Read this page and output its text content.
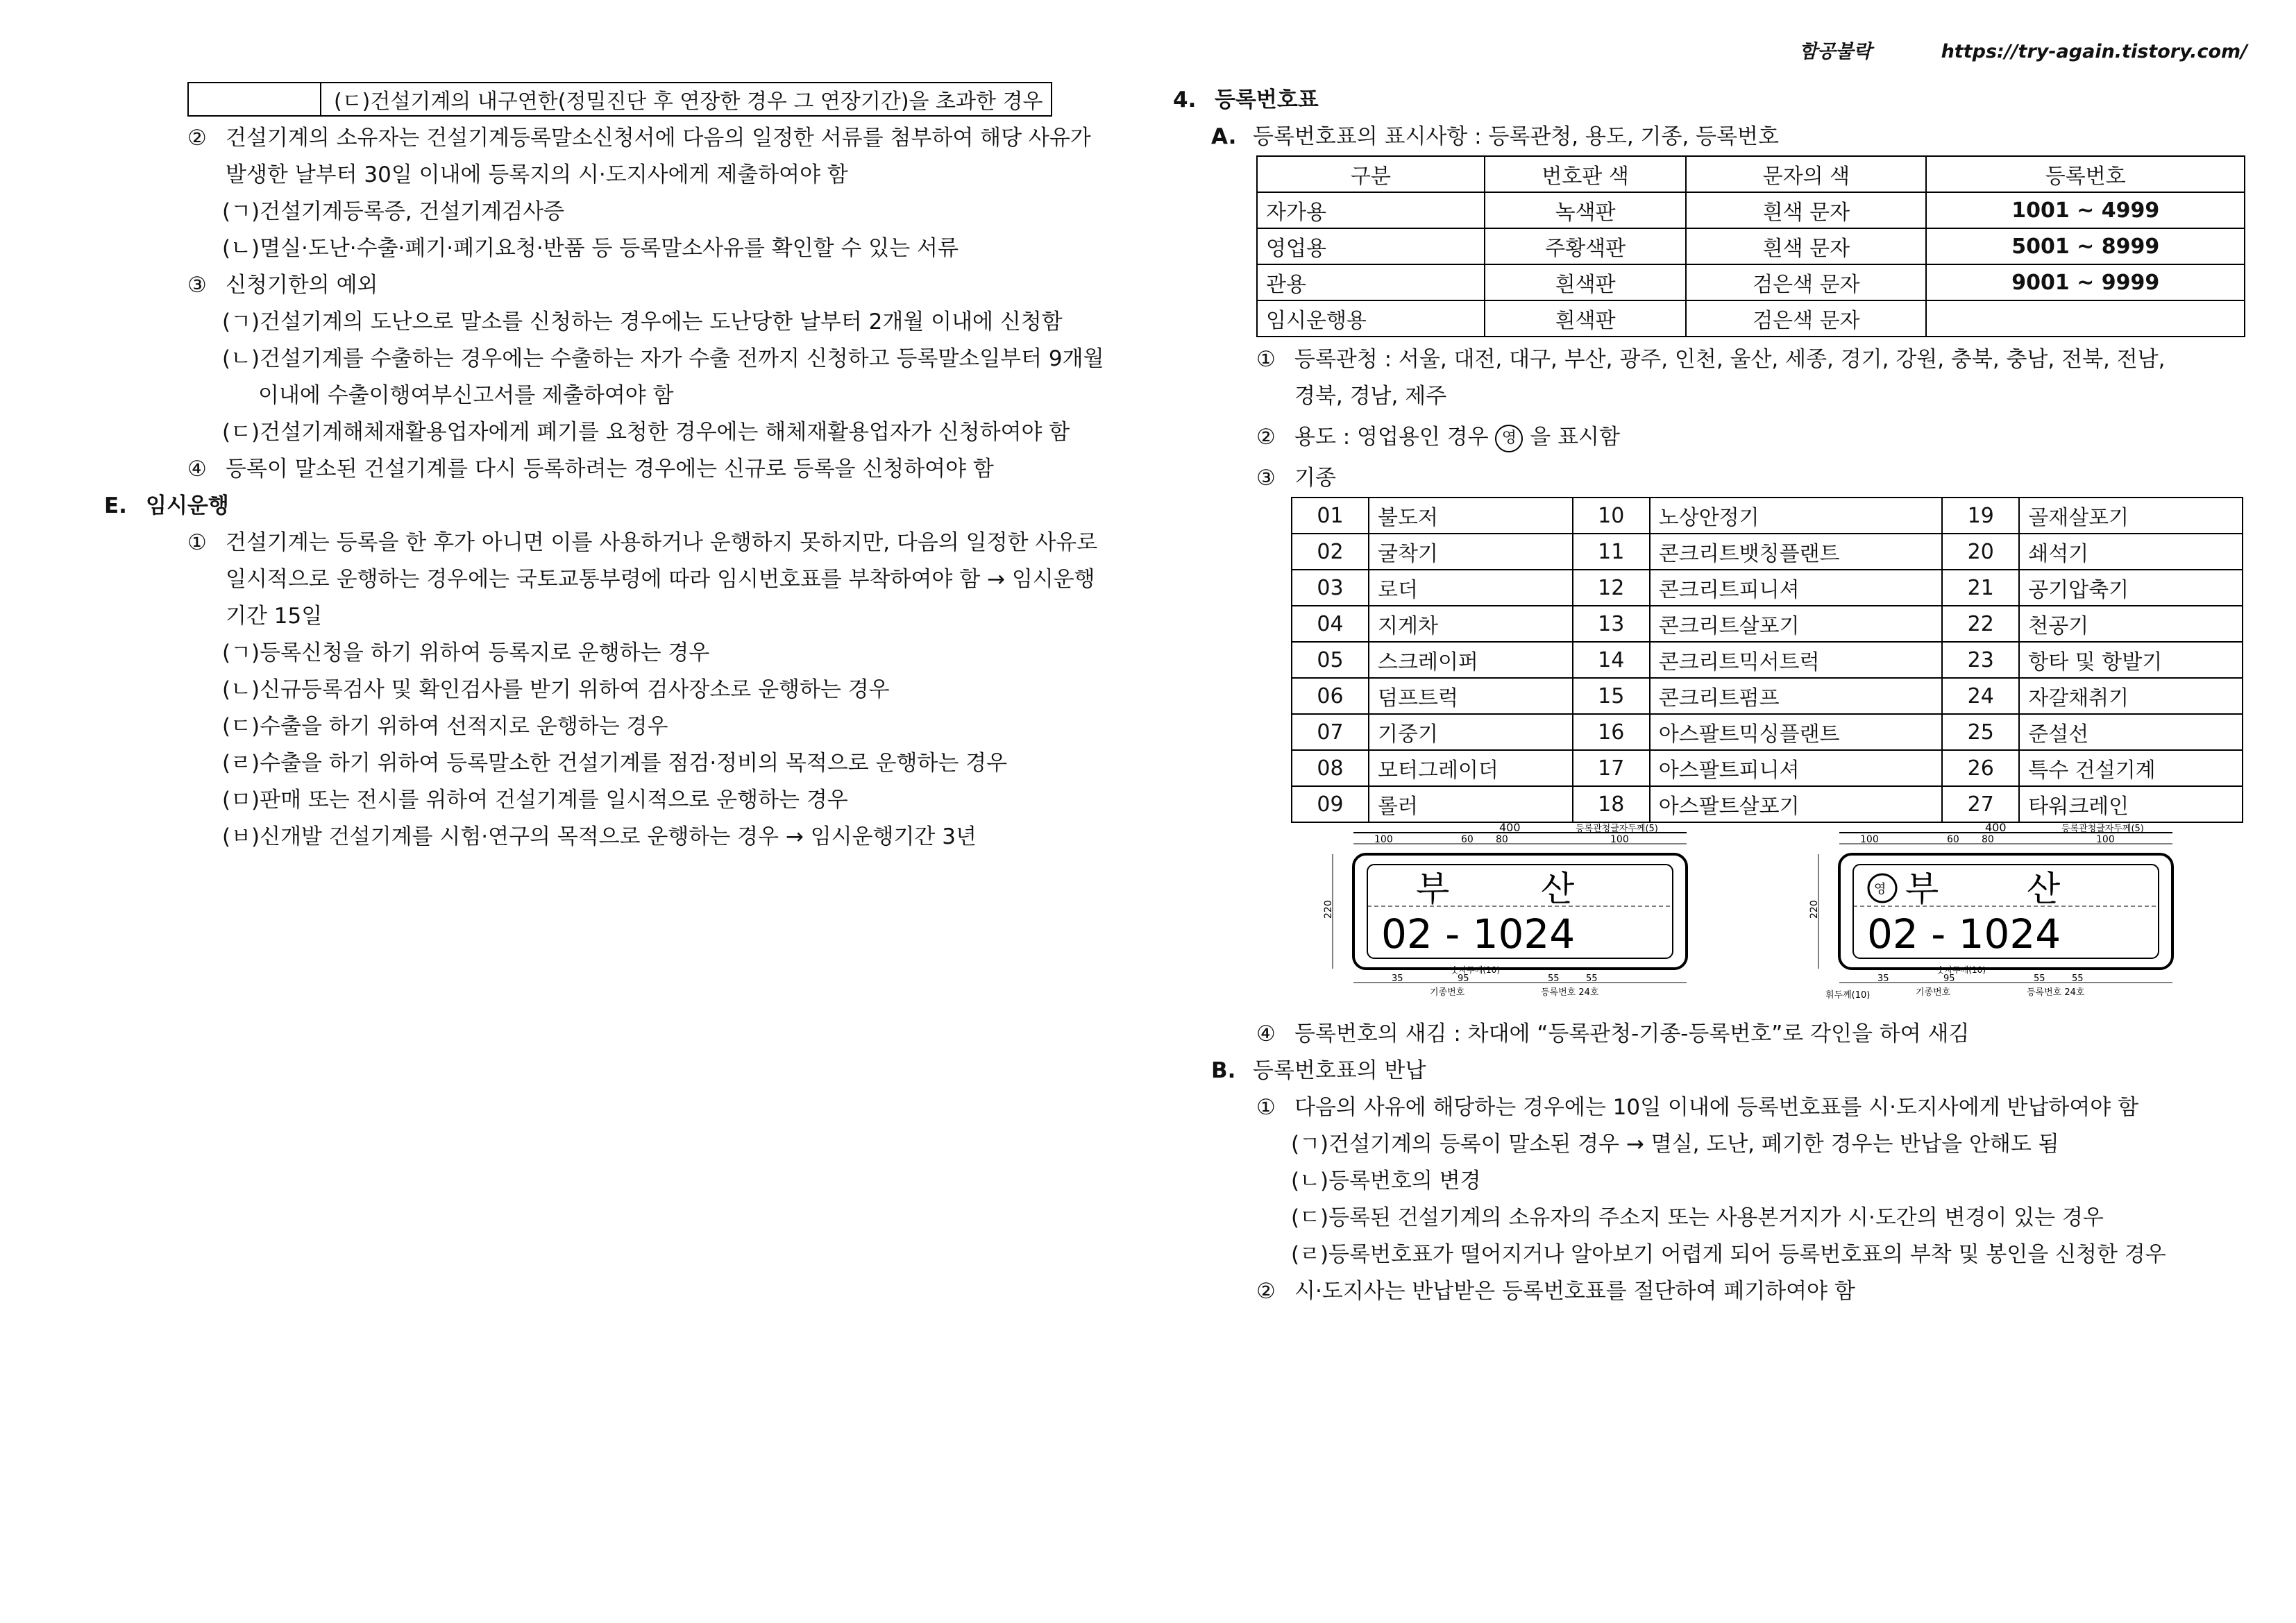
함공불락	https://try-again.tistory.com/
	(ㄷ)건설기계의 내구연한(정밀진단 후 연장한 경우 그 연장기간)을 초과한 경우
② 건설기계의 소유자는 건설기계등록말소신청서에 다음의 일정한 서류를 첨부하여 해당 사유가
발생한 날부터 30일 이내에 등록지의 시·도지사에게 제출하여야 함
(ㄱ)건설기계등록증, 건설기계검사증
(ㄴ)멸실·도난·수출·폐기·폐기요청·반품 등 등록말소사유를 확인할 수 있는 서류
③ 신청기한의 예외
(ㄱ)건설기계의 도난으로 말소를 신청하는 경우에는 도난당한 날부터 2개월 이내에 신청함
(ㄴ)건설기계를 수출하는 경우에는 수출하는 자가 수출 전까지 신청하고 등록말소일부터 9개월
이내에 수출이행여부신고서를 제출하여야 함
(ㄷ)건설기계해체재활용업자에게 폐기를 요청한 경우에는 해체재활용업자가 신청하여야 함
④ 등록이 말소된 건설기계를 다시 등록하려는 경우에는 신규로 등록을 신청하여야 함
E. 임시운행
① 건설기계는 등록을 한 후가 아니면 이를 사용하거나 운행하지 못하지만, 다음의 일정한 사유로
일시적으로 운행하는 경우에는 국토교통부령에 따라 임시번호표를 부착하여야 함 → 임시운행
기간 15일
(ㄱ)등록신청을 하기 위하여 등록지로 운행하는 경우
(ㄴ)신규등록검사 및 확인검사를 받기 위하여 검사장소로 운행하는 경우
(ㄷ)수출을 하기 위하여 선적지로 운행하는 경우
(ㄹ)수출을 하기 위하여 등록말소한 건설기계를 점검·정비의 목적으로 운행하는 경우
(ㅁ)판매 또는 전시를 위하여 건설기계를 일시적으로 운행하는 경우
(ㅂ)신개발 건설기계를 시험·연구의 목적으로 운행하는 경우 → 임시운행기간 3년
4. 등록번호표
A. 등록번호표의 표시사항 : 등록관청, 용도, 기종, 등록번호
구분	번호판 색	문자의 색	등록번호
자가용	녹색판	흰색 문자	1001 ~ 4999
영업용	주황색판	흰색 문자	5001 ~ 8999
관용	흰색판	검은색 문자	9001 ~ 9999
임시운행용	흰색판	검은색 문자	
① 등록관청 : 서울, 대전, 대구, 부산, 광주, 인천, 울산, 세종, 경기, 강원, 충북, 충남, 전북, 전남,
경북, 경남, 제주
② 용도 : 영업용인 경우 영 을 표시함
③ 기종
01	불도저	10	노상안정기	19	골재살포기
02	굴착기	11	콘크리트뱃칭플랜트	20	쇄석기
03	로더	12	콘크리트피니셔	21	공기압축기
04	지게차	13	콘크리트살포기	22	천공기
05	스크레이퍼	14	콘크리트믹서트럭	23	항타 및 항발기
06	덤프트럭	15	콘크리트펌프	24	자갈채취기
07	기중기	16	아스팔트믹싱플랜트	25	준설선
08	모터그레이더	17	아스팔트피니셔	26	특수 건설기계
09	롤러	18	아스팔트살포기	27	타워크레인
400	등록관청글자두께(5)
100	60 80	100
220
부	산
02 - 1024
35	95	55	55
숫자두께(10)
기종번호	등록번호 24호
400	등록관청글자두께(5)
100	60 80	100
220
영 부	산
02 - 1024
35	95	55	55
숫자두께(10)
휘두께(10)	기종번호	등록번호 24호
④ 등록번호의 새김 : 차대에 “등록관청-기종-등록번호”로 각인을 하여 새김
B. 등록번호표의 반납
① 다음의 사유에 해당하는 경우에는 10일 이내에 등록번호표를 시·도지사에게 반납하여야 함
(ㄱ)건설기계의 등록이 말소된 경우 → 멸실, 도난, 폐기한 경우는 반납을 안해도 됨
(ㄴ)등록번호의 변경
(ㄷ)등록된 건설기계의 소유자의 주소지 또는 사용본거지가 시·도간의 변경이 있는 경우
(ㄹ)등록번호표가 떨어지거나 알아보기 어렵게 되어 등록번호표의 부착 및 봉인을 신청한 경우
② 시·도지사는 반납받은 등록번호표를 절단하여 폐기하여야 함
